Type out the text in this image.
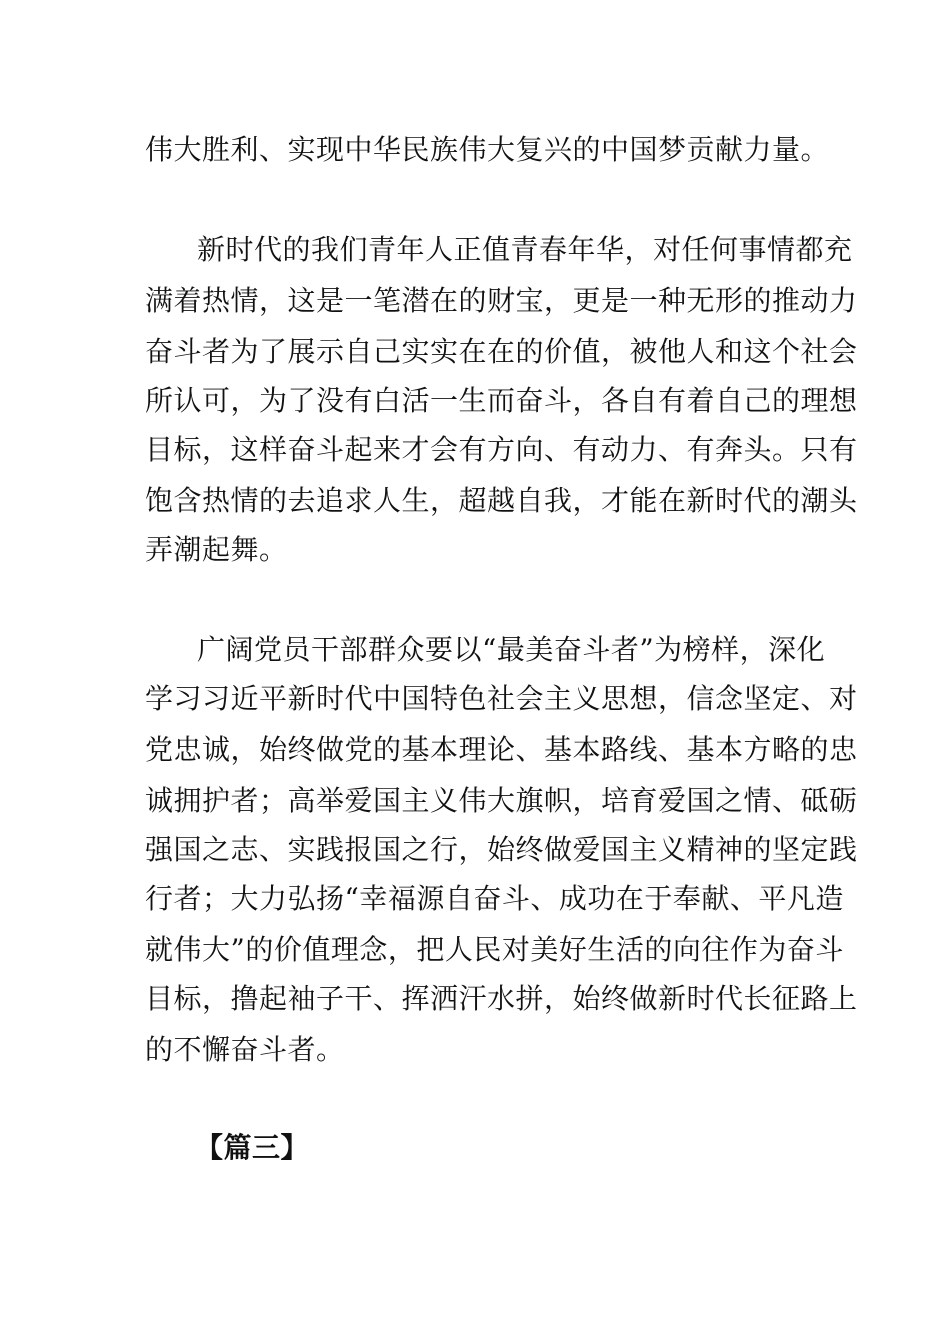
伟大胜利、实现中华民族伟大复兴的中国梦贡献力量。
新时代的我们青年人正值青春年华，对任何事情都充
满着热情，这是一笔潜在的财宝，更是一种无形的推动力
奋斗者为了展示自己实实在在的价值，被他人和这个社会
所认可，为了没有白活一生而奋斗，各自有着自己的理想
目标，这样奋斗起来才会有方向、有动力、有奔头。只有
饱含热情的去追求人生，超越自我，才能在新时代的潮头
弄潮起舞。
广阔党员干部群众要以“最美奋斗者”为榜样，深化
学习习近平新时代中国特色社会主义思想，信念坚定、对
党忠诚，始终做党的基本理论、基本路线、基本方略的忠
诚拥护者；高举爱国主义伟大旗帜，培育爱国之情、砥砺
强国之志、实践报国之行，始终做爱国主义精神的坚定践
行者；大力弘扬“幸福源自奋斗、成功在于奉献、平凡造
就伟大”的价值理念，把人民对美好生活的向往作为奋斗
目标，撸起袖子干、挥洒汗水拼，始终做新时代长征路上
的不懈奋斗者。
【篇三】
